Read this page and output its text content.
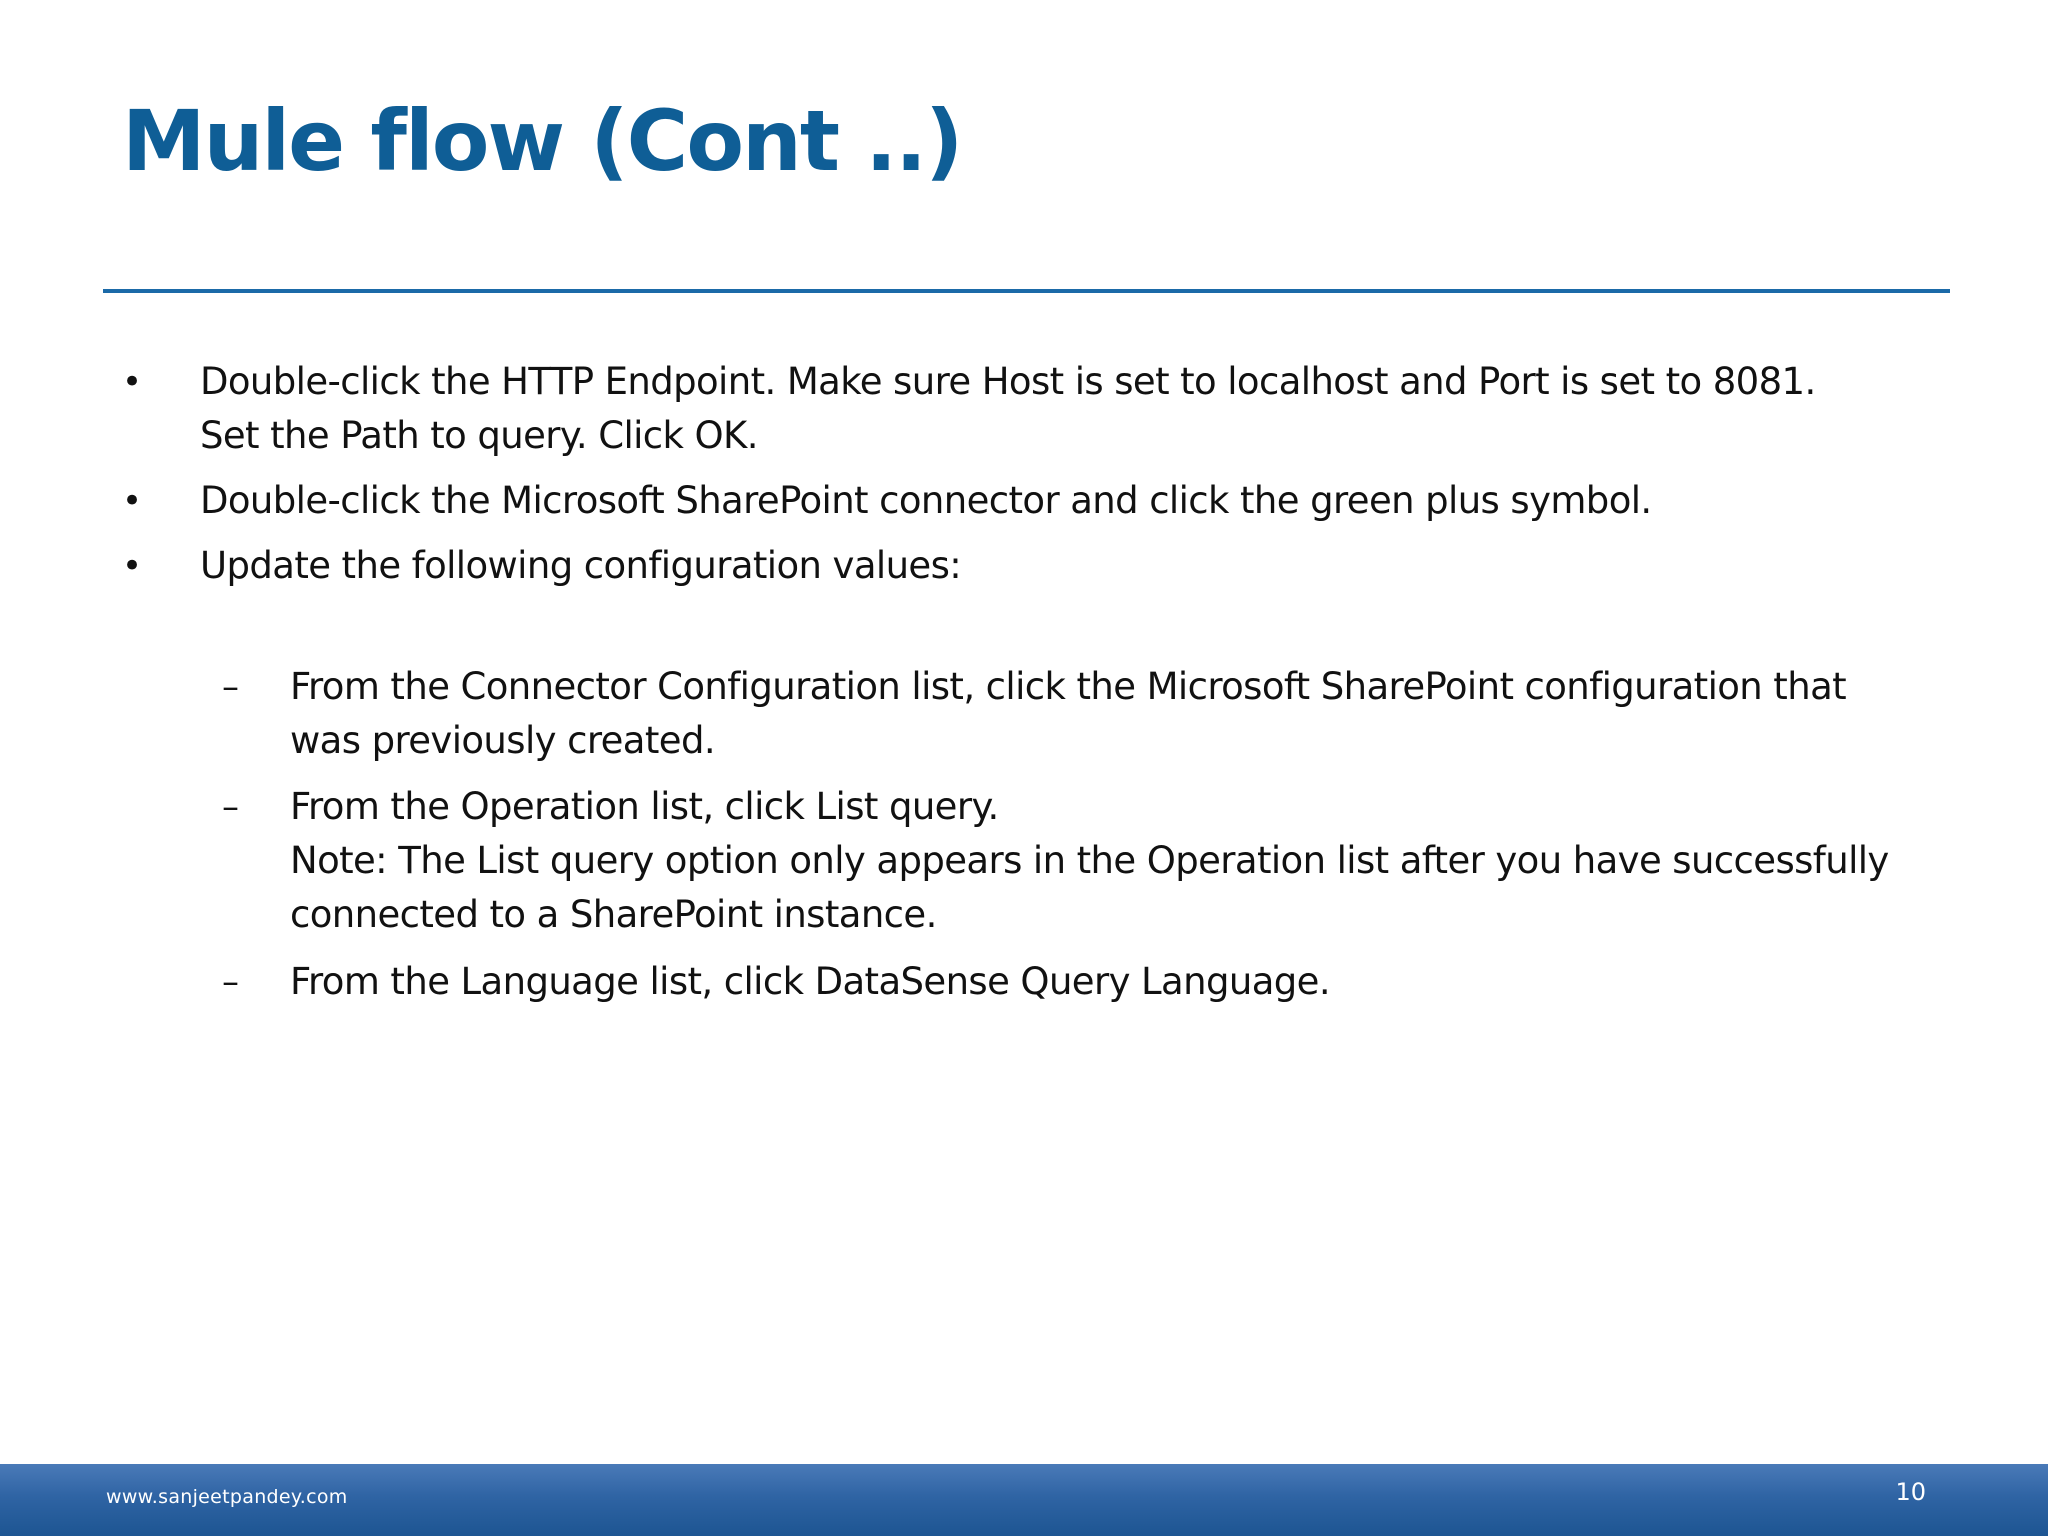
Mule flow (Cont ..)
• Double-click the HTTP Endpoint. Make sure Host is set to localhost and Port is set to 8081.
Set the Path to query. Click OK.
• Double-click the Microsoft SharePoint connector and click the green plus symbol.
• Update the following configuration values:
– From the Connector Configuration list, click the Microsoft SharePoint configuration that
was previously created.
– From the Operation list, click List query.
Note: The List query option only appears in the Operation list after you have successfully
connected to a SharePoint instance.
– From the Language list, click DataSense Query Language.
www.sanjeetpandey.com	10
